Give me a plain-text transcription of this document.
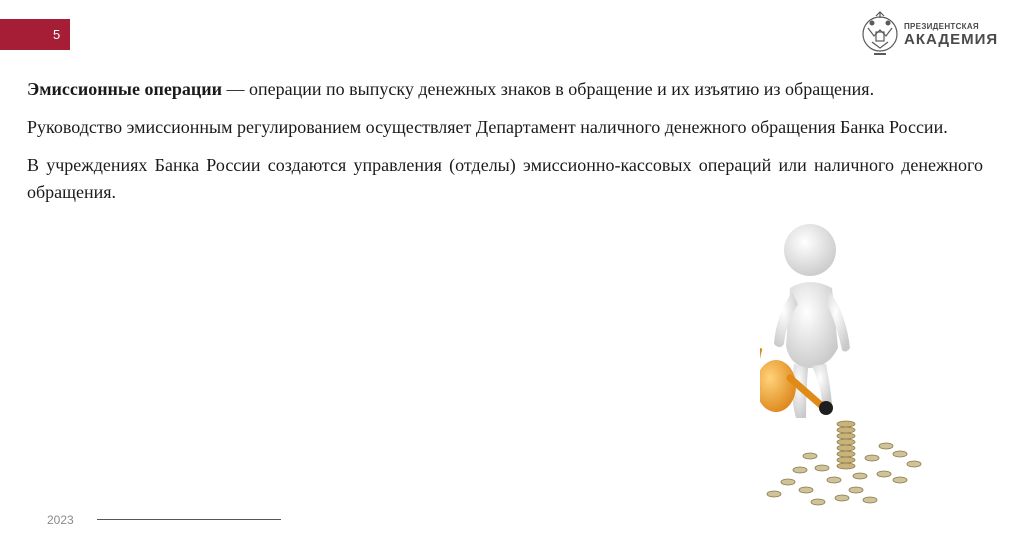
5
ПРЕЗИДЕНТСКАЯ
АКАДЕМИЯ

Эмиссионные операции — операции по выпуску денежных знаков в обращение и их изъятию из обращения.

Руководство эмиссионным регулированием осуществляет Департамент наличного денежного обращения Банка России.

В учреждениях Банка России создаются управления (отделы) эмиссионно-кассовых операций или наличного денежного обращения.

2023
